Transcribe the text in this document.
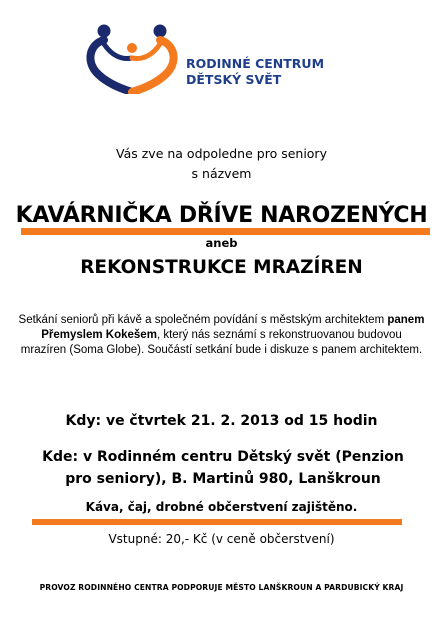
RODINNÉ CENTRUM
DĚTSKÝ SVĚT
Vás zve na odpoledne pro seniory
s názvem
KAVÁRNIČKA DŘÍVE NAROZENÝCH
aneb
REKONSTRUKCE MRAZÍREN
Setkání seniorů při kávě a společném povídání s městským architektem panem Přemyslem Kokešem, který nás seznámí s rekonstruovanou budovou mrazíren (Soma Globe). Součástí setkání bude i diskuze s panem architektem.
Kdy: ve čtvrtek 21. 2. 2013 od 15 hodin
Kde: v Rodinném centru Dětský svět (Penzion pro seniory), B. Martinů 980, Lanškroun
Káva, čaj, drobné občerstvení zajištěno.
Vstupné: 20,- Kč (v ceně občerstvení)
PROVOZ RODINNÉHO CENTRA PODPORUJE MĚSTO LANŠKROUN A PARDUBICKÝ KRAJ
